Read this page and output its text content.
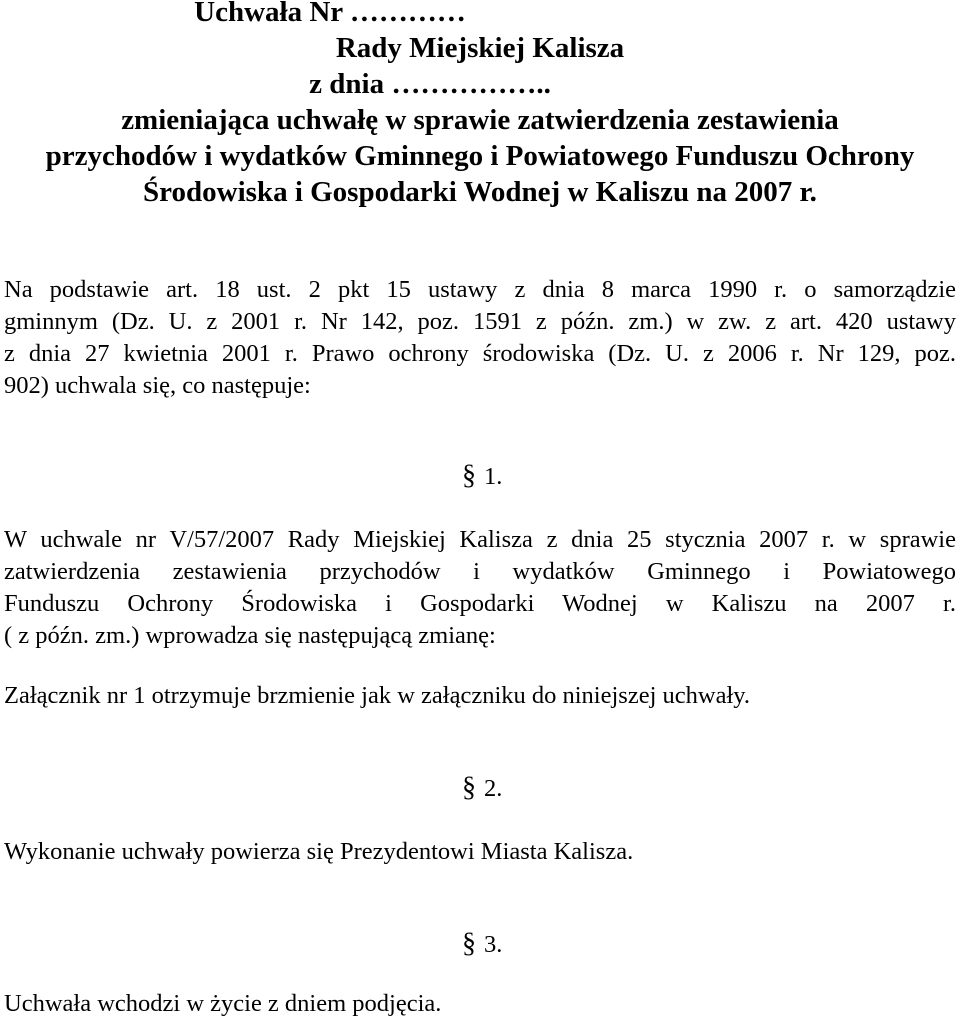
Uchwała Nr …………

Rady Miejskiej Kalisza

z dnia ……………..

zmieniająca uchwałę w sprawie zatwierdzenia zestawienia

przychodów i wydatków Gminnego i Powiatowego Funduszu Ochrony

Środowiska i Gospodarki Wodnej w Kaliszu na 2007 r.

Na podstawie art. 18 ust. 2 pkt 15 ustawy z dnia 8 marca 1990 r. o samorządzie

gminnym (Dz. U. z 2001 r. Nr 142, poz. 1591 z późn. zm.) w zw. z art. 420 ustawy

z dnia 27 kwietnia 2001 r. Prawo ochrony środowiska (Dz. U. z 2006 r. Nr 129, poz.

902) uchwala się, co następuje:

§ 1.

W uchwale nr V/57/2007 Rady Miejskiej Kalisza z dnia 25 stycznia 2007 r. w sprawie

zatwierdzenia zestawienia przychodów i wydatków Gminnego i Powiatowego

Funduszu Ochrony Środowiska i Gospodarki Wodnej w Kaliszu na 2007 r.

( z późn. zm.) wprowadza się następującą zmianę:

Załącznik nr 1 otrzymuje brzmienie jak w załączniku do niniejszej uchwały.

§ 2.

Wykonanie uchwały powierza się Prezydentowi Miasta Kalisza.

§ 3.

Uchwała wchodzi w życie z dniem podjęcia.
